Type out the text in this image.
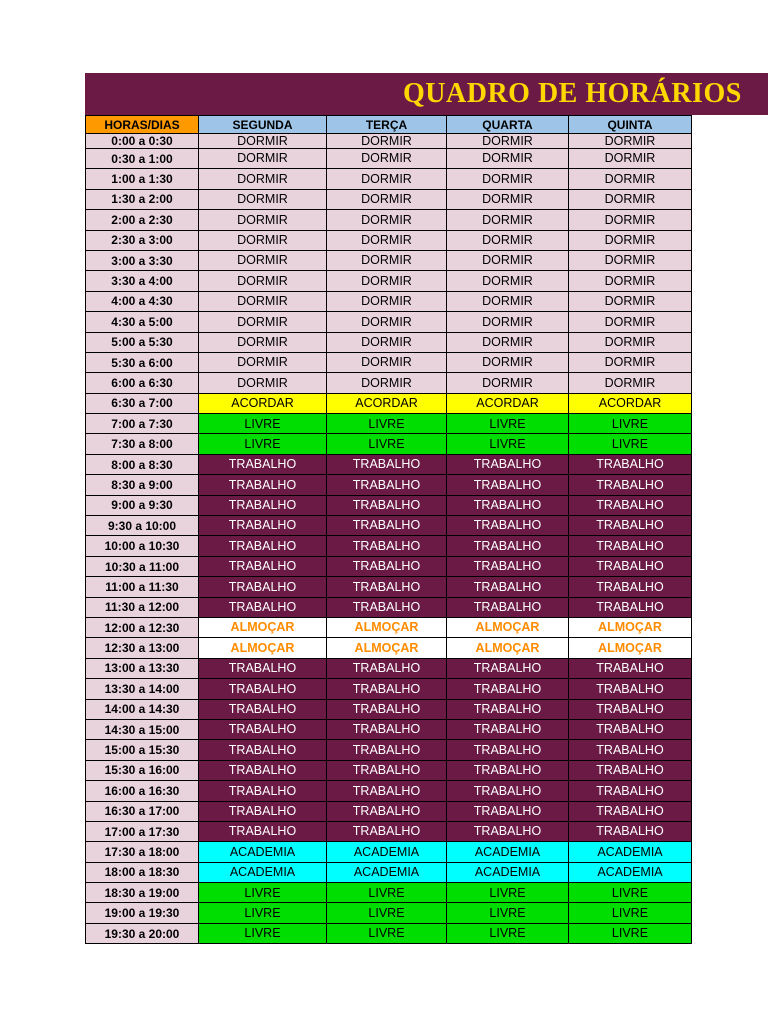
QUADRO DE HORÁRIOS
HORAS/DIAS	SEGUNDA	TERÇA	QUARTA	QUINTA
0:00 a 0:30	DORMIR	DORMIR	DORMIR	DORMIR
0:30 a 1:00	DORMIR	DORMIR	DORMIR	DORMIR
1:00 a 1:30	DORMIR	DORMIR	DORMIR	DORMIR
1:30 a 2:00	DORMIR	DORMIR	DORMIR	DORMIR
2:00 a 2:30	DORMIR	DORMIR	DORMIR	DORMIR
2:30 a 3:00	DORMIR	DORMIR	DORMIR	DORMIR
3:00 a 3:30	DORMIR	DORMIR	DORMIR	DORMIR
3:30 a 4:00	DORMIR	DORMIR	DORMIR	DORMIR
4:00 a 4:30	DORMIR	DORMIR	DORMIR	DORMIR
4:30 a 5:00	DORMIR	DORMIR	DORMIR	DORMIR
5:00 a 5:30	DORMIR	DORMIR	DORMIR	DORMIR
5:30 a 6:00	DORMIR	DORMIR	DORMIR	DORMIR
6:00 a 6:30	DORMIR	DORMIR	DORMIR	DORMIR
6:30 a 7:00	ACORDAR	ACORDAR	ACORDAR	ACORDAR
7:00 a 7:30	LIVRE	LIVRE	LIVRE	LIVRE
7:30 a 8:00	LIVRE	LIVRE	LIVRE	LIVRE
8:00 a 8:30	TRABALHO	TRABALHO	TRABALHO	TRABALHO
8:30 a 9:00	TRABALHO	TRABALHO	TRABALHO	TRABALHO
9:00 a 9:30	TRABALHO	TRABALHO	TRABALHO	TRABALHO
9:30 a 10:00	TRABALHO	TRABALHO	TRABALHO	TRABALHO
10:00 a 10:30	TRABALHO	TRABALHO	TRABALHO	TRABALHO
10:30 a 11:00	TRABALHO	TRABALHO	TRABALHO	TRABALHO
11:00 a 11:30	TRABALHO	TRABALHO	TRABALHO	TRABALHO
11:30 a 12:00	TRABALHO	TRABALHO	TRABALHO	TRABALHO
12:00 a 12:30	ALMOÇAR	ALMOÇAR	ALMOÇAR	ALMOÇAR
12:30 a 13:00	ALMOÇAR	ALMOÇAR	ALMOÇAR	ALMOÇAR
13:00 a 13:30	TRABALHO	TRABALHO	TRABALHO	TRABALHO
13:30 a 14:00	TRABALHO	TRABALHO	TRABALHO	TRABALHO
14:00 a 14:30	TRABALHO	TRABALHO	TRABALHO	TRABALHO
14:30 a 15:00	TRABALHO	TRABALHO	TRABALHO	TRABALHO
15:00 a 15:30	TRABALHO	TRABALHO	TRABALHO	TRABALHO
15:30 a 16:00	TRABALHO	TRABALHO	TRABALHO	TRABALHO
16:00 a 16:30	TRABALHO	TRABALHO	TRABALHO	TRABALHO
16:30 a 17:00	TRABALHO	TRABALHO	TRABALHO	TRABALHO
17:00 a 17:30	TRABALHO	TRABALHO	TRABALHO	TRABALHO
17:30 a 18:00	ACADEMIA	ACADEMIA	ACADEMIA	ACADEMIA
18:00 a 18:30	ACADEMIA	ACADEMIA	ACADEMIA	ACADEMIA
18:30 a 19:00	LIVRE	LIVRE	LIVRE	LIVRE
19:00 a 19:30	LIVRE	LIVRE	LIVRE	LIVRE
19:30 a 20:00	LIVRE	LIVRE	LIVRE	LIVRE
